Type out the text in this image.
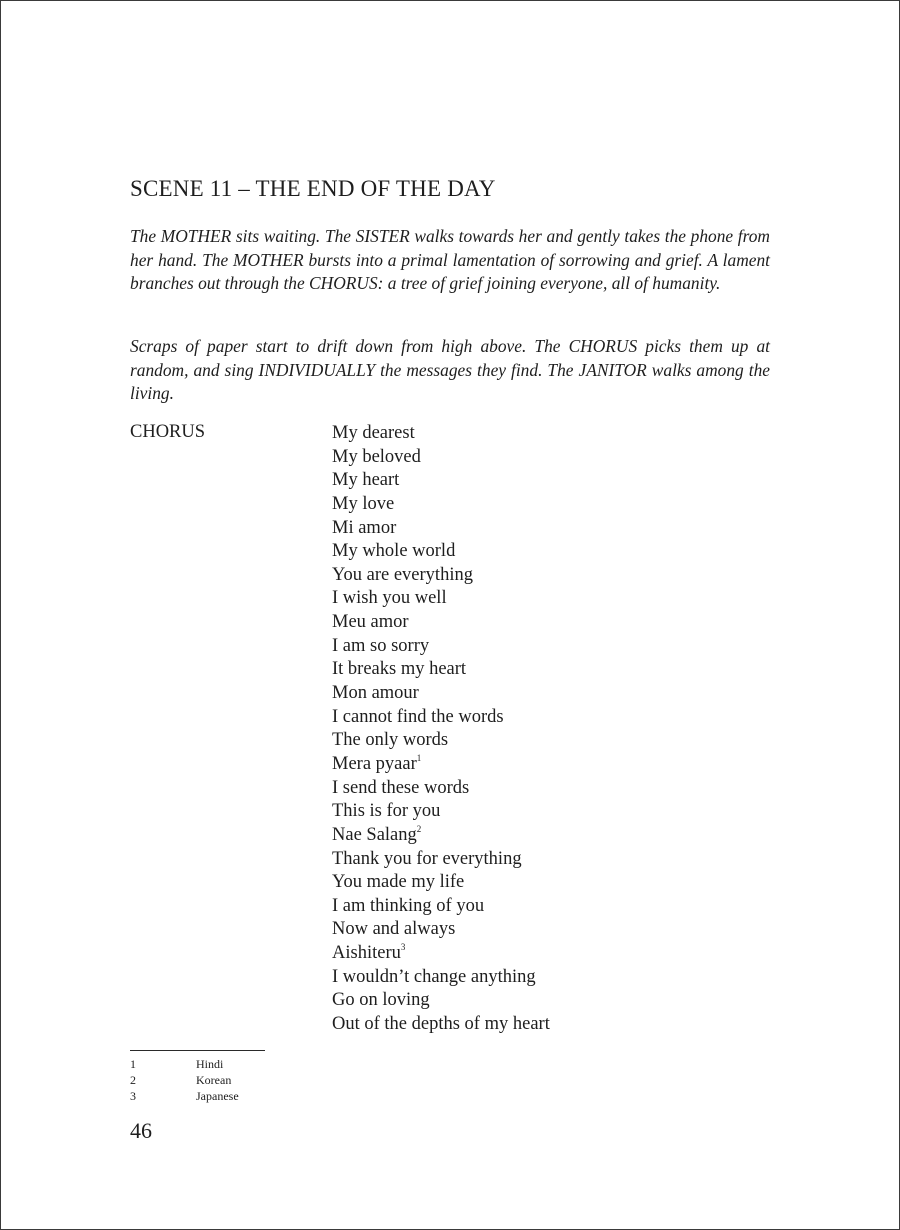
SCENE 11 – THE END OF THE DAY

The MOTHER sits waiting. The SISTER walks towards her and gently takes the phone from her hand. The MOTHER bursts into a primal lamentation of sorrowing and grief. A lament branches out through the CHORUS: a tree of grief joining everyone, all of humanity.

Scraps of paper start to drift down from high above. The CHORUS picks them up at random, and sing INDIVIDUALLY the messages they find. The JANITOR walks among the living.

CHORUS	My dearest
My beloved
My heart
My love
Mi amor
My whole world
You are everything
I wish you well
Meu amor
I am so sorry
It breaks my heart
Mon amour
I cannot find the words
The only words
Mera pyaar$^1$
I send these words
This is for you
Nae Salang$^2$
Thank you for everything
You made my life
I am thinking of you
Now and always
Aishiteru$^3$
I wouldn’t change anything
Go on loving
Out of the depths of my heart
1	Hindi
2	Korean
3	Japanese

46
